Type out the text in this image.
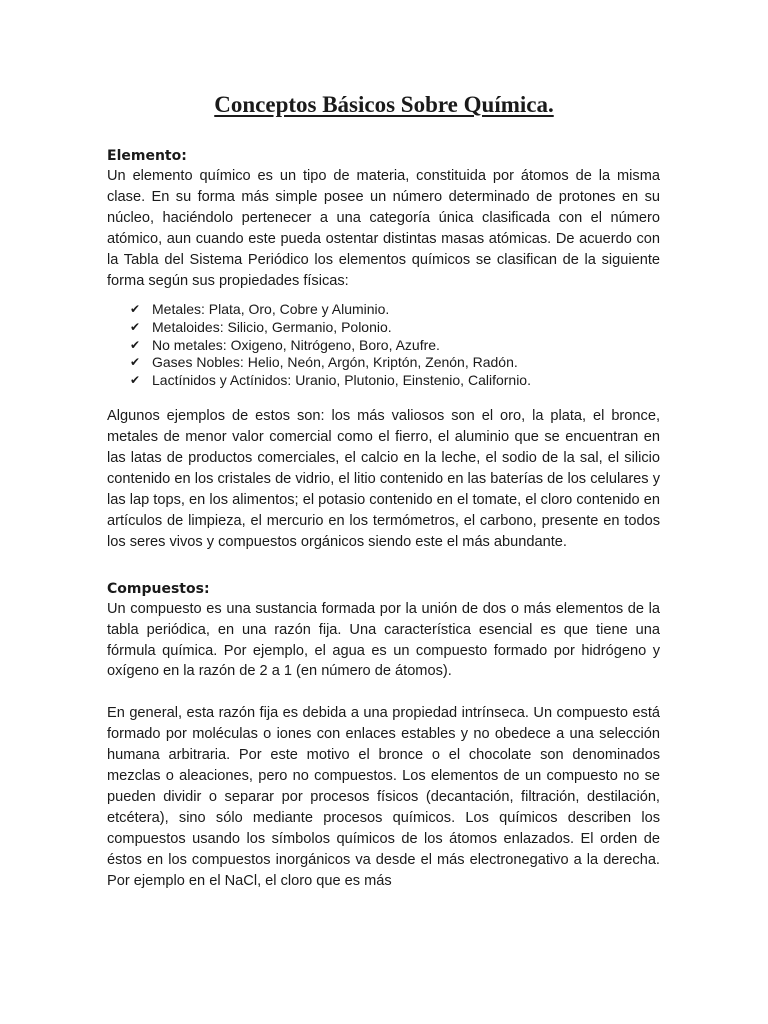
Conceptos Básicos Sobre Química.

Elemento:

Un elemento químico es un tipo de materia, constituida por átomos de la misma clase. En su forma más simple posee un número determinado de protones en su núcleo, haciéndolo pertenecer a una categoría única clasificada con el número atómico, aun cuando este pueda ostentar distintas masas atómicas. De acuerdo con la Tabla del Sistema Periódico los elementos químicos se clasifican de la siguiente forma según sus propiedades físicas:

✔ Metales: Plata, Oro, Cobre y Aluminio.
✔ Metaloides: Silicio, Germanio, Polonio.
✔ No metales: Oxigeno, Nitrógeno, Boro, Azufre.
✔ Gases Nobles: Helio, Neón, Argón, Kriptón, Zenón, Radón.
✔ Lactínidos y Actínidos: Uranio, Plutonio, Einstenio, Californio.

Algunos ejemplos de estos son: los más valiosos son el oro, la plata, el bronce, metales de menor valor comercial como el fierro, el aluminio que se encuentran en las latas de productos comerciales, el calcio en la leche, el sodio de la sal, el silicio contenido en los cristales de vidrio, el litio contenido en las baterías de los celulares y las lap tops, en los alimentos; el potasio contenido en el tomate, el cloro contenido en artículos de limpieza, el mercurio en los termómetros, el carbono, presente en todos los seres vivos y compuestos orgánicos siendo este el más abundante.

Compuestos:

Un compuesto es una sustancia formada por la unión de dos o más elementos de la tabla periódica, en una razón fija. Una característica esencial es que tiene una fórmula química. Por ejemplo, el agua es un compuesto formado por hidrógeno y oxígeno en la razón de 2 a 1 (en número de átomos).

En general, esta razón fija es debida a una propiedad intrínseca. Un compuesto está formado por moléculas o iones con enlaces estables y no obedece a una selección humana arbitraria. Por este motivo el bronce o el chocolate son denominados mezclas o aleaciones, pero no compuestos. Los elementos de un compuesto no se pueden dividir o separar por procesos físicos (decantación, filtración, destilación, etcétera), sino sólo mediante procesos químicos. Los químicos describen los compuestos usando los símbolos químicos de los átomos enlazados. El orden de éstos en los compuestos inorgánicos va desde el más electronegativo a la derecha. Por ejemplo en el NaCl, el cloro que es más
